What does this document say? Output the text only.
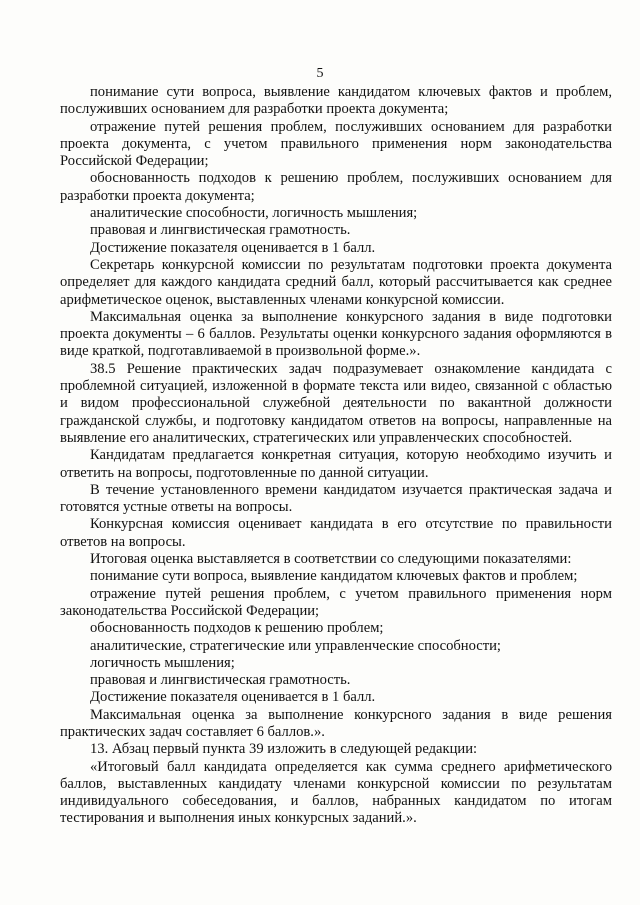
5

понимание сути вопроса, выявление кандидатом ключевых фактов и проблем, послуживших основанием для разработки проекта документа;

отражение путей решения проблем, послуживших основанием для разработки проекта документа, с учетом правильного применения норм законодательства Российской Федерации;

обоснованность подходов к решению проблем, послуживших основанием для разработки проекта документа;

аналитические способности, логичность мышления;

правовая и лингвистическая грамотность.

Достижение показателя оценивается в 1 балл.

Секретарь конкурсной комиссии по результатам подготовки проекта документа определяет для каждого кандидата средний балл, который рассчитывается как среднее арифметическое оценок, выставленных членами конкурсной комиссии.

Максимальная оценка за выполнение конкурсного задания в виде подготовки проекта документы – 6 баллов. Результаты оценки конкурсного задания оформляются в виде краткой, подготавливаемой в произвольной форме.».

38.5 Решение практических задач подразумевает ознакомление кандидата с проблемной ситуацией, изложенной в формате текста или видео, связанной с областью и видом профессиональной служебной деятельности по вакантной должности гражданской службы, и подготовку кандидатом ответов на вопросы, направленные на выявление его аналитических, стратегических или управленческих способностей.

Кандидатам предлагается конкретная ситуация, которую необходимо изучить и ответить на вопросы, подготовленные по данной ситуации.

В течение установленного времени кандидатом изучается практическая задача и готовятся устные ответы на вопросы.

Конкурсная комиссия оценивает кандидата в его отсутствие по правильности ответов на вопросы.

Итоговая оценка выставляется в соответствии со следующими показателями:

понимание сути вопроса, выявление кандидатом ключевых фактов и проблем;

отражение путей решения проблем, с учетом правильного применения норм законодательства Российской Федерации;

обоснованность подходов к решению проблем;

аналитические, стратегические или управленческие способности;

логичность мышления;

правовая и лингвистическая грамотность.

Достижение показателя оценивается в 1 балл.

Максимальная оценка за выполнение конкурсного задания в виде решения практических задач составляет 6 баллов.».

13. Абзац первый пункта 39 изложить в следующей редакции:

«Итоговый балл кандидата определяется как сумма среднего арифметического баллов, выставленных кандидату членами конкурсной комиссии по результатам индивидуального собеседования, и баллов, набранных кандидатом по итогам тестирования и выполнения иных конкурсных заданий.».
